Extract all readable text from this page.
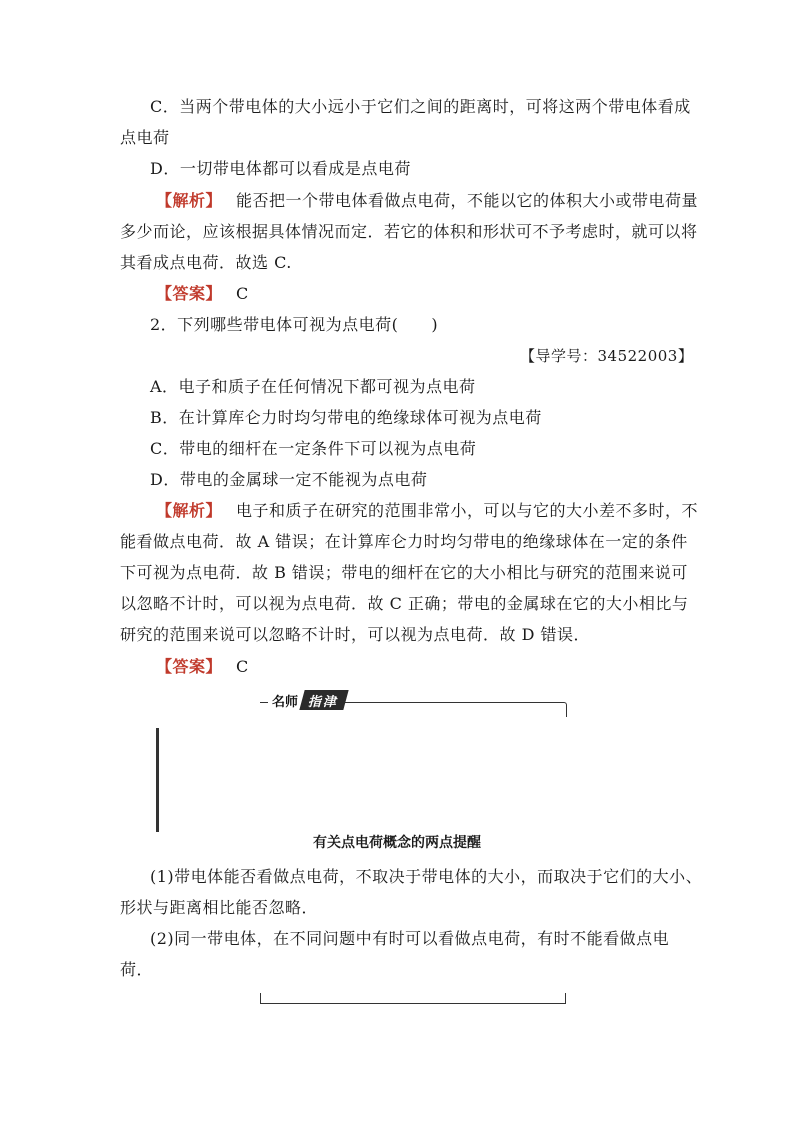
C．当两个带电体的大小远小于它们之间的距离时，可将这两个带电体看成
点电荷
D．一切带电体都可以看成是点电荷
【解析】 能否把一个带电体看做点电荷，不能以它的体积大小或带电荷量
多少而论，应该根据具体情况而定．若它的体积和形状可不予考虑时，就可以将
其看成点电荷．故选 C.
【答案】 C
2．下列哪些带电体可视为点电荷(　　)
【导学号：34522003】
A．电子和质子在任何情况下都可视为点电荷
B．在计算库仑力时均匀带电的绝缘球体可视为点电荷
C．带电的细杆在一定条件下可以视为点电荷
D．带电的金属球一定不能视为点电荷
【解析】 电子和质子在研究的范围非常小，可以与它的大小差不多时，不
能看做点电荷．故 A 错误；在计算库仑力时均匀带电的绝缘球体在一定的条件
下可视为点电荷．故 B 错误；带电的细杆在它的大小相比与研究的范围来说可
以忽略不计时，可以视为点电荷．故 C 正确；带电的金属球在它的大小相比与
研究的范围来说可以忽略不计时，可以视为点电荷．故 D 错误．
【答案】 C
名师 指津
有关点电荷概念的两点提醒
(1)带电体能否看做点电荷，不取决于带电体的大小，而取决于它们的大小、
形状与距离相比能否忽略．
(2)同一带电体，在不同问题中有时可以看做点电荷，有时不能看做点电
荷．
